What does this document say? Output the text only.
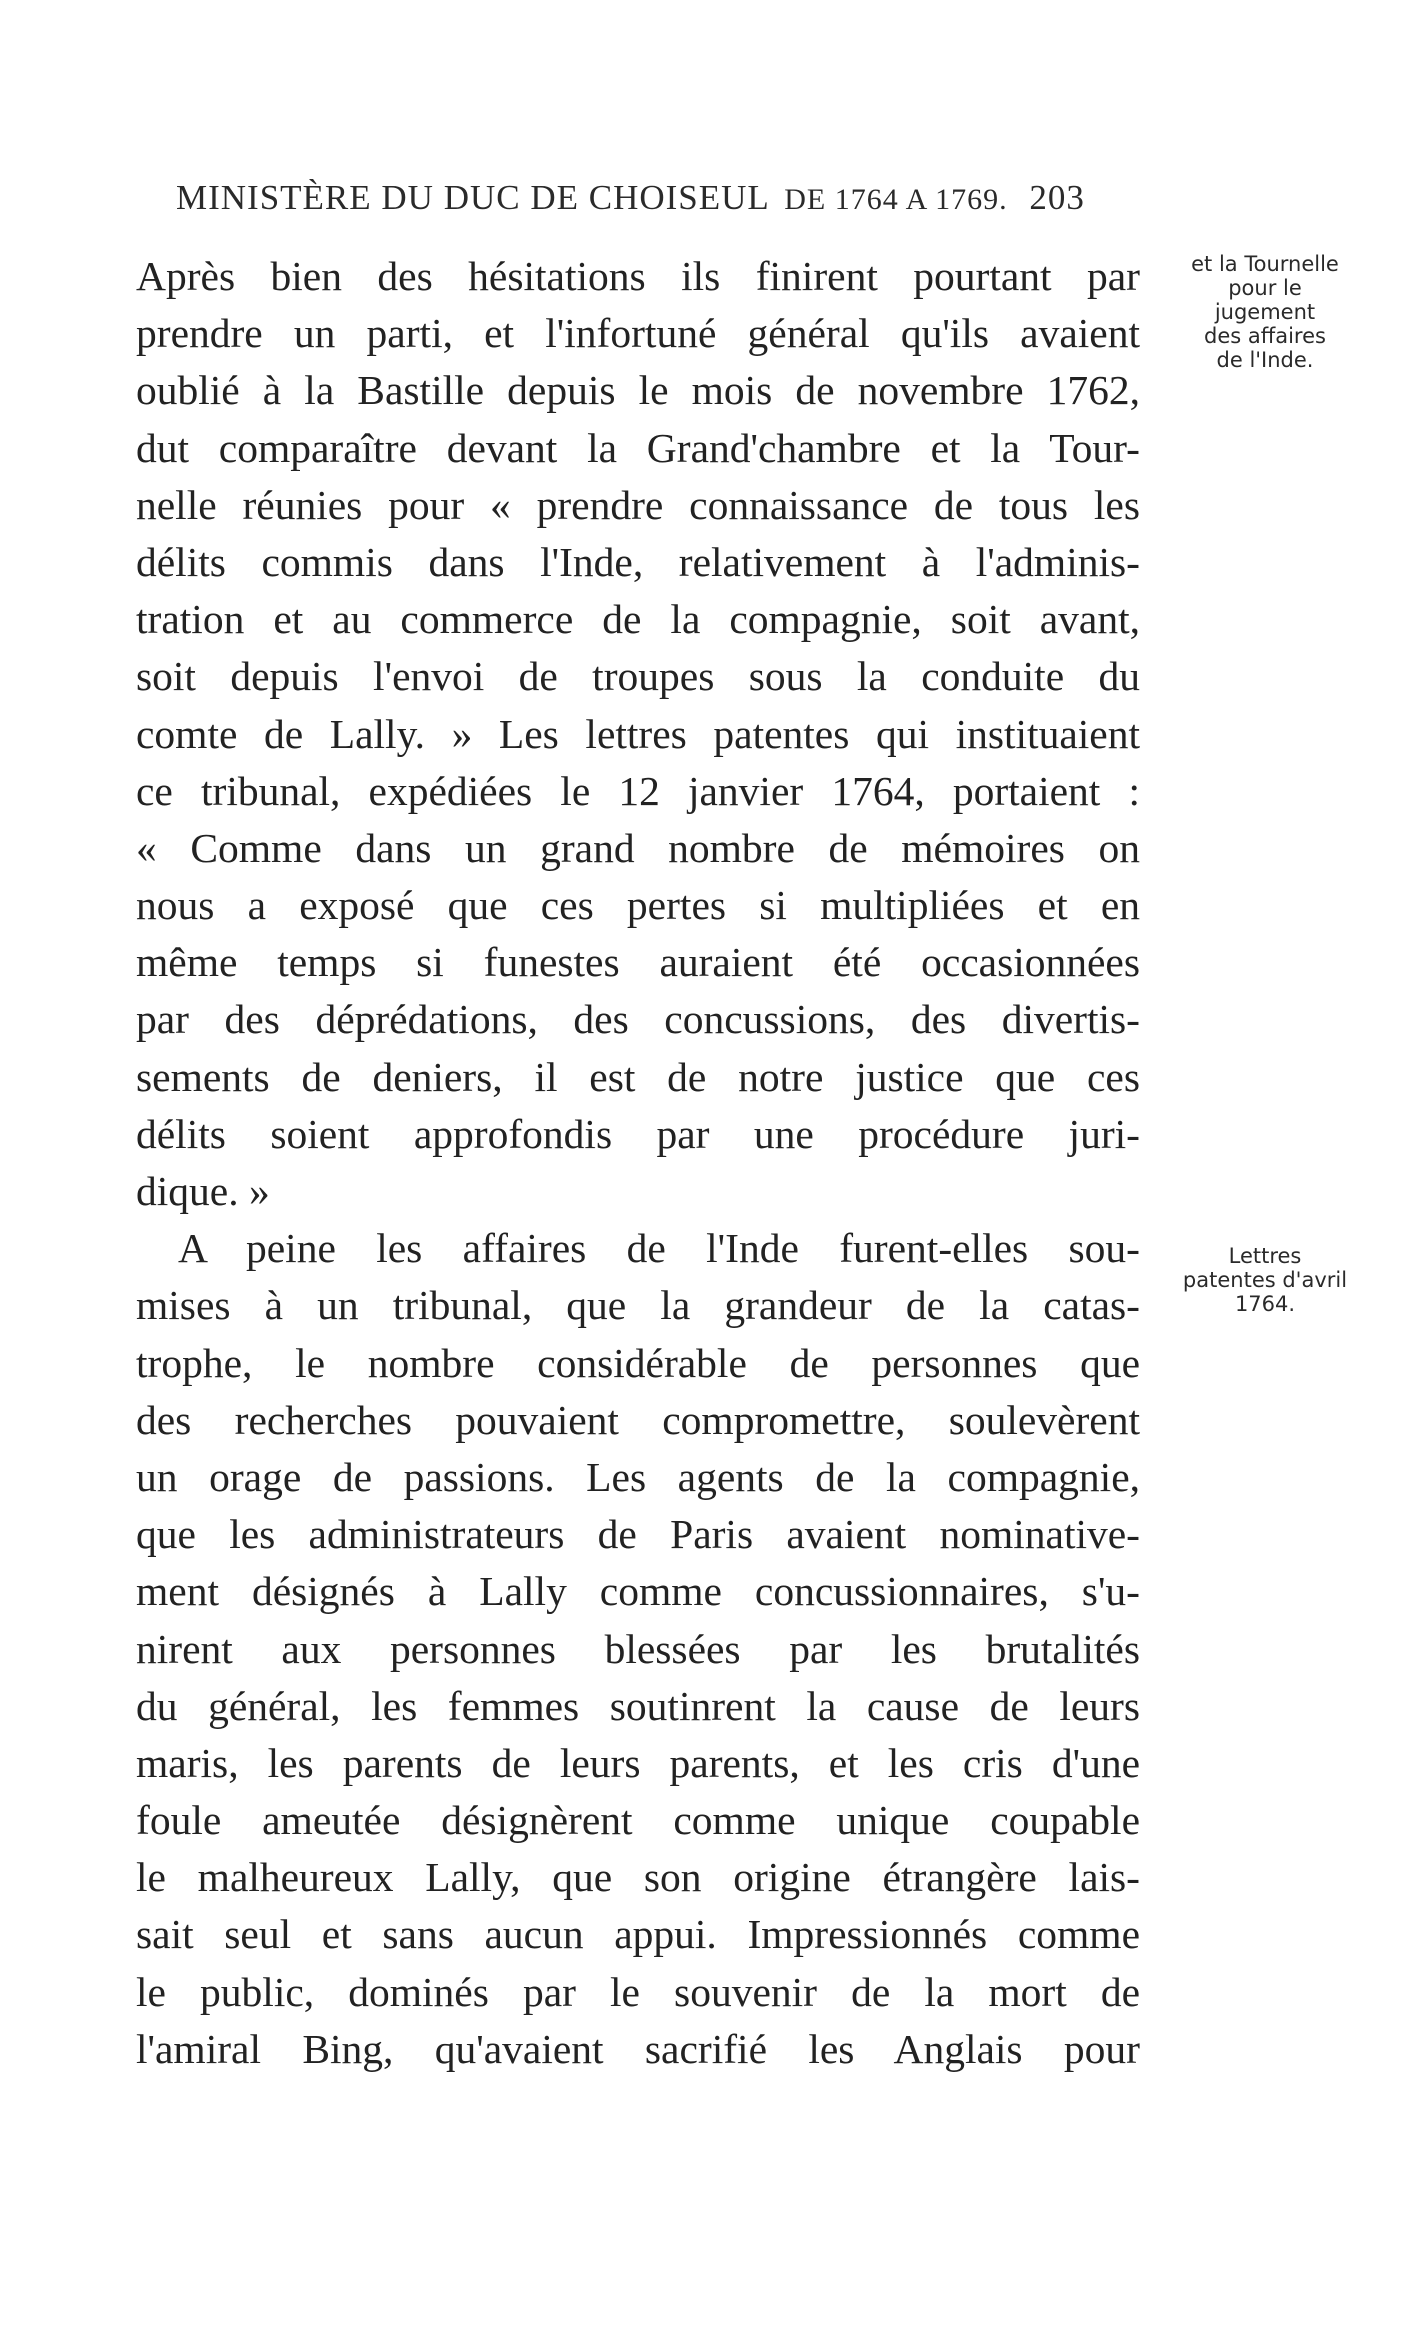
MINISTÈRE DU DUC DE CHOISEUL DE 1764 A 1769. 203
et la Tournelle
pour le
jugement
des affaires
de l'Inde.
Lettres
patentes d'avril
1764.
Après bien des hésitations ils finirent pourtant par
prendre un parti, et l'infortuné général qu'ils avaient
oublié à la Bastille depuis le mois de novembre 1762,
dut comparaître devant la Grand'chambre et la Tour-
nelle réunies pour « prendre connaissance de tous les
délits commis dans l'Inde, relativement à l'adminis-
tration et au commerce de la compagnie, soit avant,
soit depuis l'envoi de troupes sous la conduite du
comte de Lally. » Les lettres patentes qui instituaient
ce tribunal, expédiées le 12 janvier 1764, portaient :
« Comme dans un grand nombre de mémoires on
nous a exposé que ces pertes si multipliées et en
même temps si funestes auraient été occasionnées
par des déprédations, des concussions, des divertis-
sements de deniers, il est de notre justice que ces
délits soient approfondis par une procédure juri-
dique. »
A peine les affaires de l'Inde furent-elles sou-
mises à un tribunal, que la grandeur de la catas-
trophe, le nombre considérable de personnes que
des recherches pouvaient compromettre, soulevèrent
un orage de passions. Les agents de la compagnie,
que les administrateurs de Paris avaient nominative-
ment désignés à Lally comme concussionnaires, s'u-
nirent aux personnes blessées par les brutalités
du général, les femmes soutinrent la cause de leurs
maris, les parents de leurs parents, et les cris d'une
foule ameutée désignèrent comme unique coupable
le malheureux Lally, que son origine étrangère lais-
sait seul et sans aucun appui. Impressionnés comme
le public, dominés par le souvenir de la mort de
l'amiral Bing, qu'avaient sacrifié les Anglais pour
